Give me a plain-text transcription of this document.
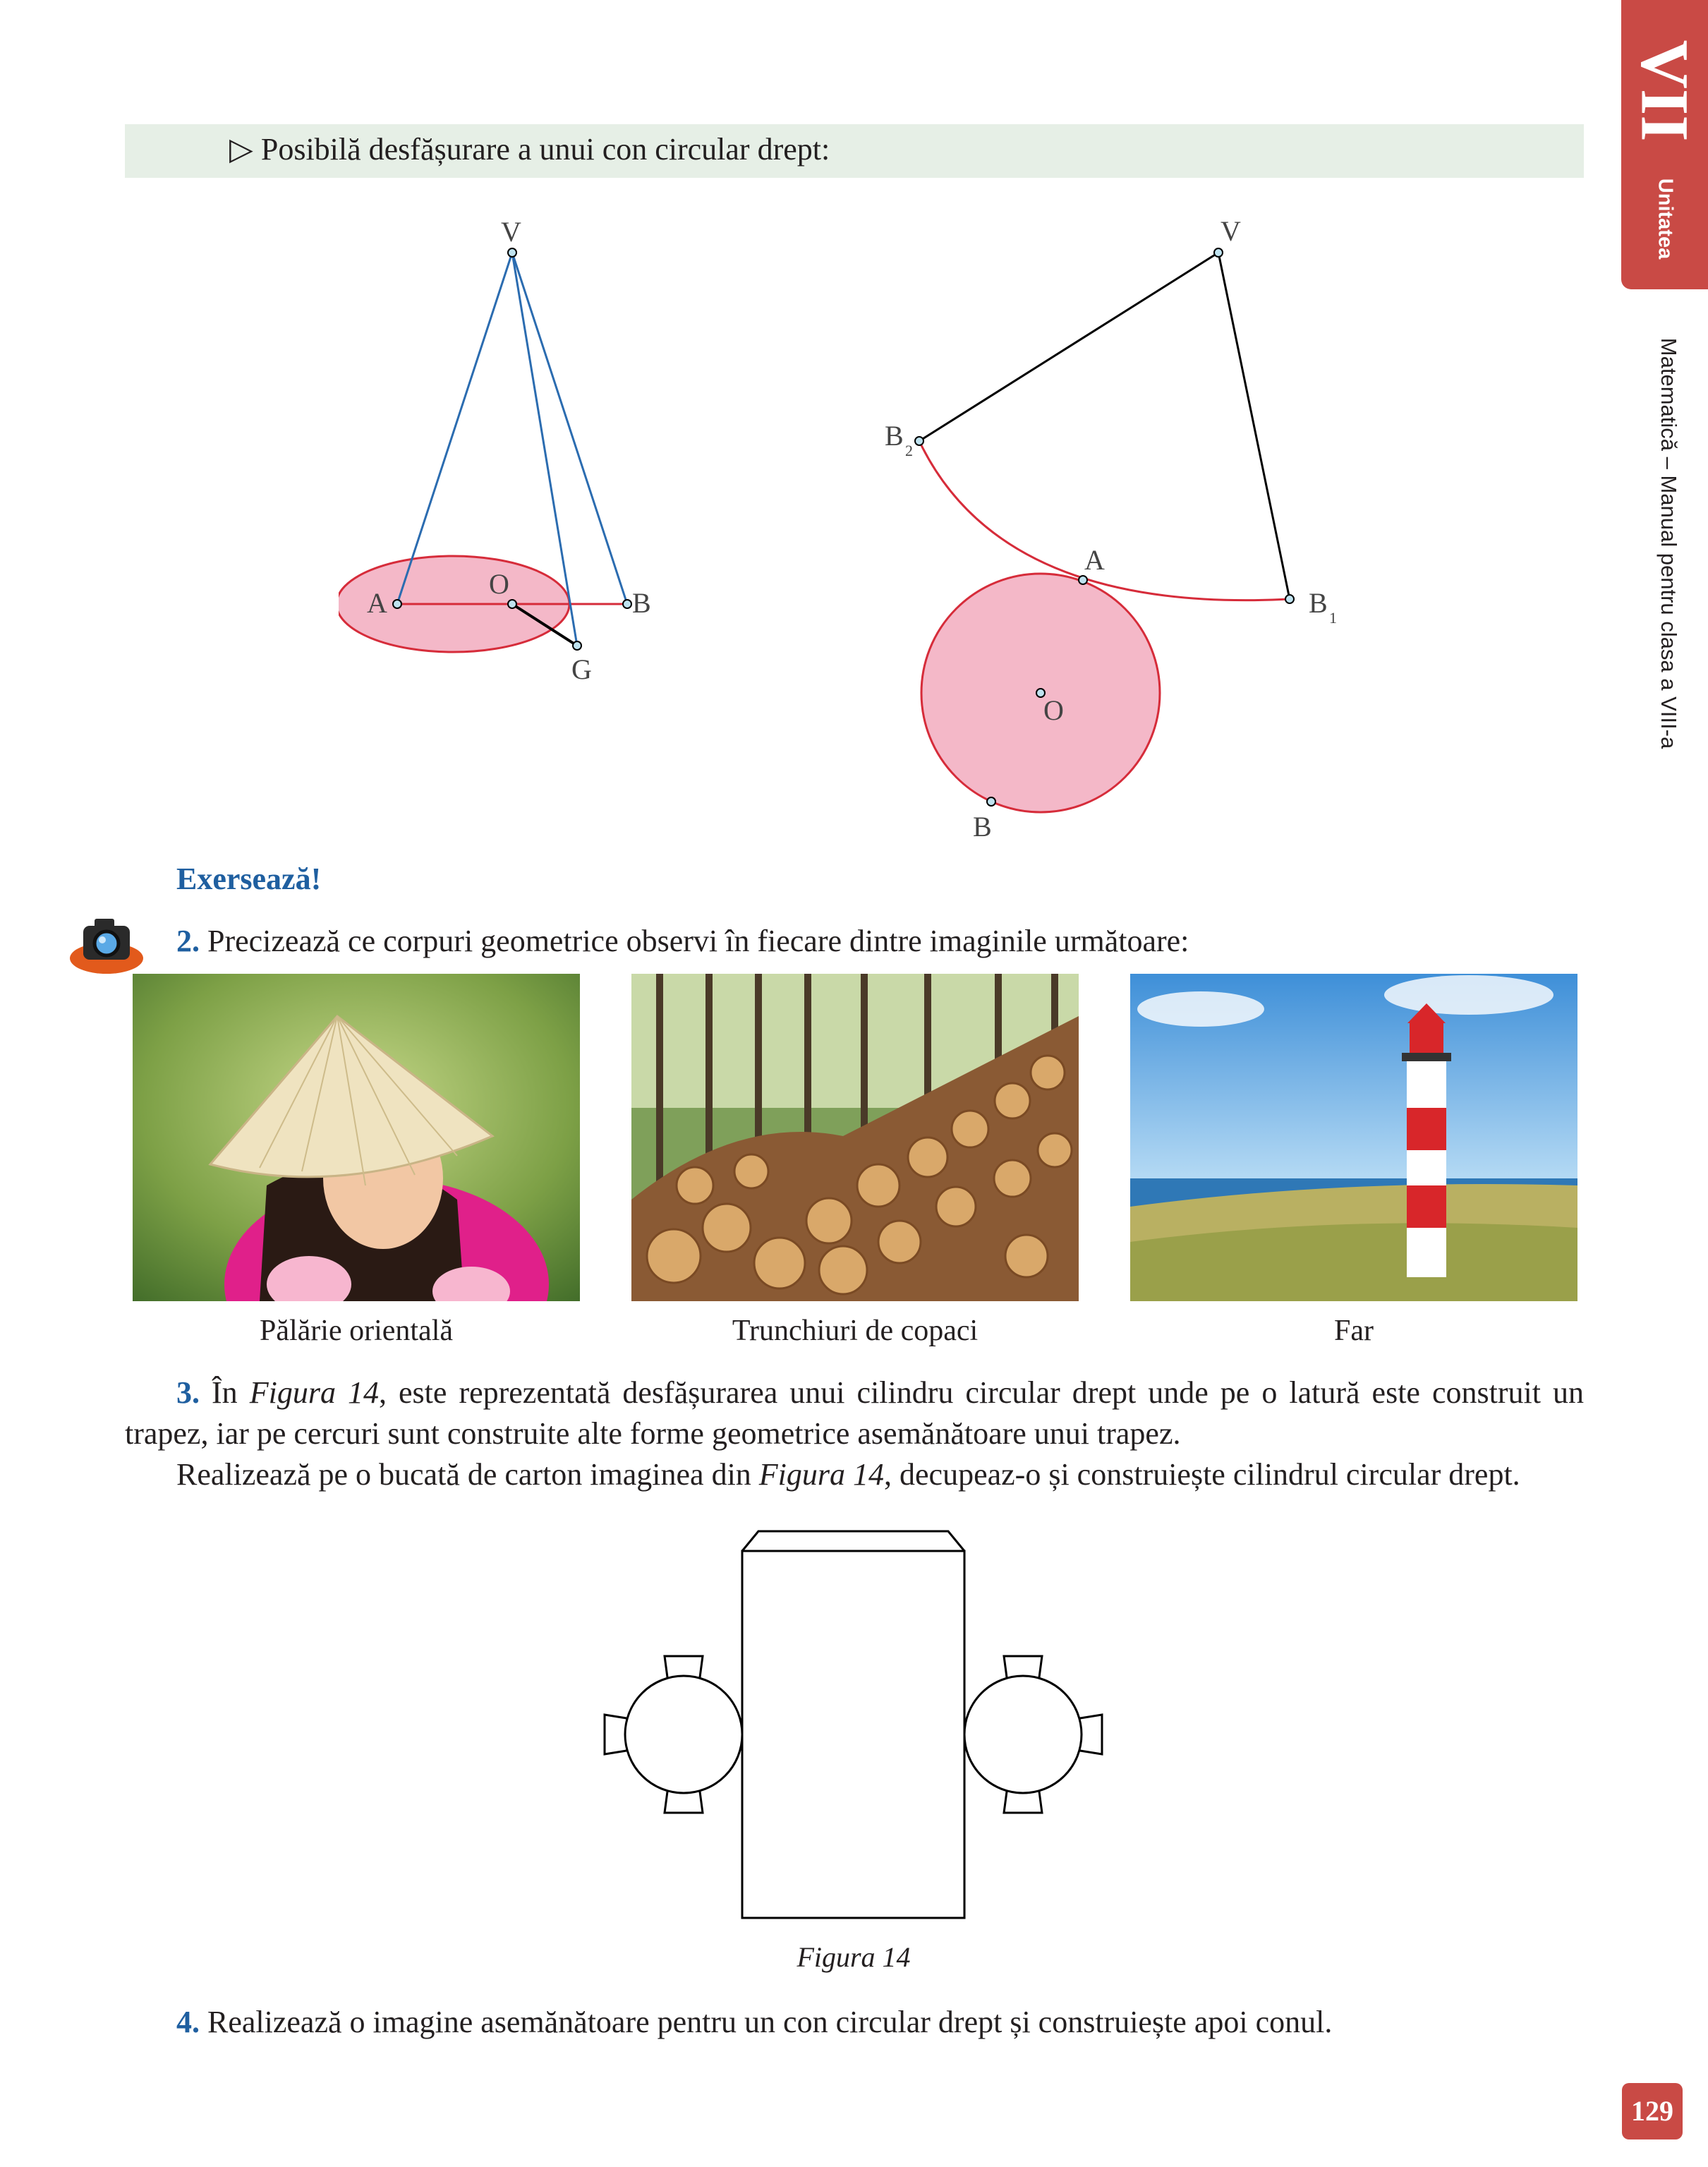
VII
Unitatea
Matematică – Manual pentru clasa a VIII-a
▷ Posibilă desfășurare a unui con circular drept:
V
A	B
O
G
V
B 2
A
B 1
O
B
Exersează!
2. Precizează ce corpuri geometrice observi în fiecare dintre imaginile următoare:
Pălărie orientală	Trunchiuri de copaci	Far
3. În Figura 14, este reprezentată desfășurarea unui cilindru circular drept unde pe o latură este construit un trapez, iar pe cercuri sunt construite alte forme geometrice asemănătoare unui trapez.
Realizează pe o bucată de carton imaginea din Figura 14, decupeaz-o și construiește cilindrul circular drept.
Figura 14
4. Realizează o imagine asemănătoare pentru un con circular drept și construiește apoi conul.
129
